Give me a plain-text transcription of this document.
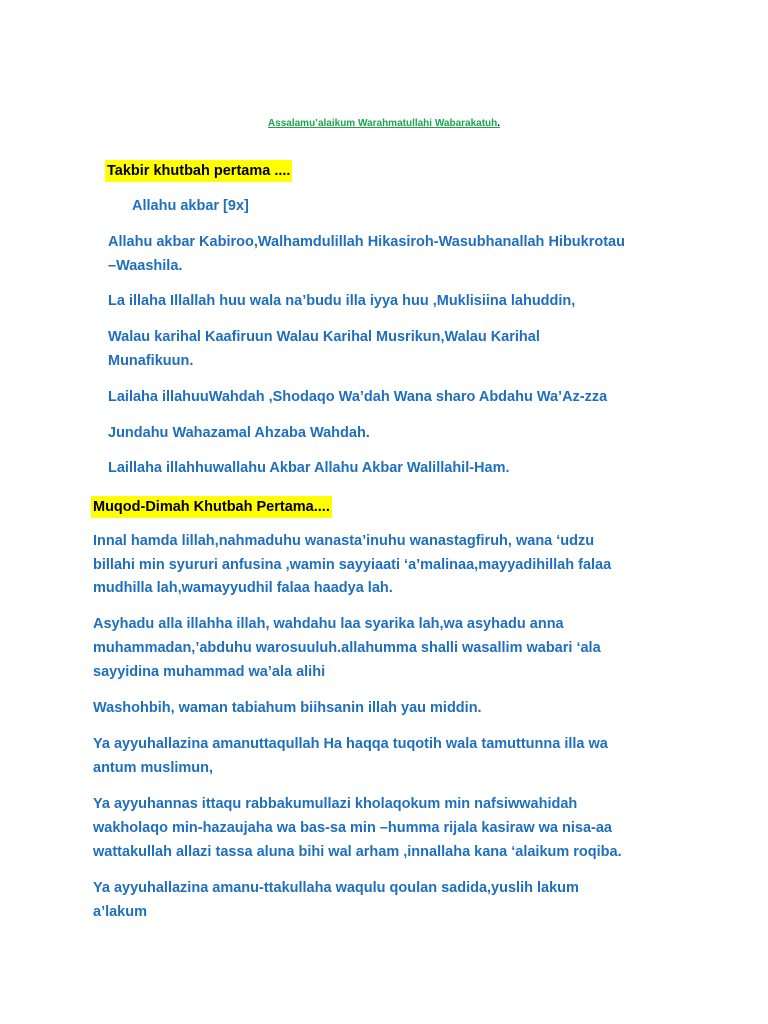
Assalamu’alaikum Warahmatullahi Wabarakatuh.
Takbir khutbah pertama ....
Allahu akbar [9x]
Allahu akbar Kabiroo,Walhamdulillah Hikasiroh-Wasubhanallah Hibukrotau
–Waashila.
La illaha Illallah huu wala na’budu illa iyya huu ,Muklisiina lahuddin,
Walau karihal Kaafiruun Walau Karihal Musrikun,Walau Karihal
Munafikuun.
Lailaha illahuuWahdah ,Shodaqo Wa’dah Wana sharo Abdahu Wa’Az-zza
Jundahu Wahazamal Ahzaba Wahdah.
Laillaha illahhuwallahu Akbar Allahu Akbar Walillahil-Ham.
Muqod-Dimah Khutbah Pertama....
Innal hamda lillah,nahmaduhu wanasta’inuhu wanastagfiruh, wana ‘udzu
billahi min syururi anfusina ,wamin sayyiaati ‘a’malinaa,mayyadihillah falaa
mudhilla lah,wamayyudhil falaa haadya lah.
Asyhadu alla illahha illah, wahdahu laa syarika lah,wa asyhadu anna
muhammadan,’abduhu warosuuluh.allahumma shalli wasallim wabari ‘ala
sayyidina muhammad wa’ala alihi
Washohbih, waman tabiahum biihsanin illah yau middin.
Ya ayyuhallazina amanuttaqullah Ha haqqa tuqotih wala tamuttunna illa wa
antum muslimun,
Ya ayyuhannas ittaqu rabbakumullazi kholaqokum min nafsiwwahidah
wakholaqo min-hazaujaha wa bas-sa min –humma rijala kasiraw wa nisa-aa
wattakullah allazi tassa aluna bihi wal arham ,innallaha kana ‘alaikum roqiba.
Ya ayyuhallazina amanu-ttakullaha waqulu qoulan sadida,yuslih lakum
a’lakum
